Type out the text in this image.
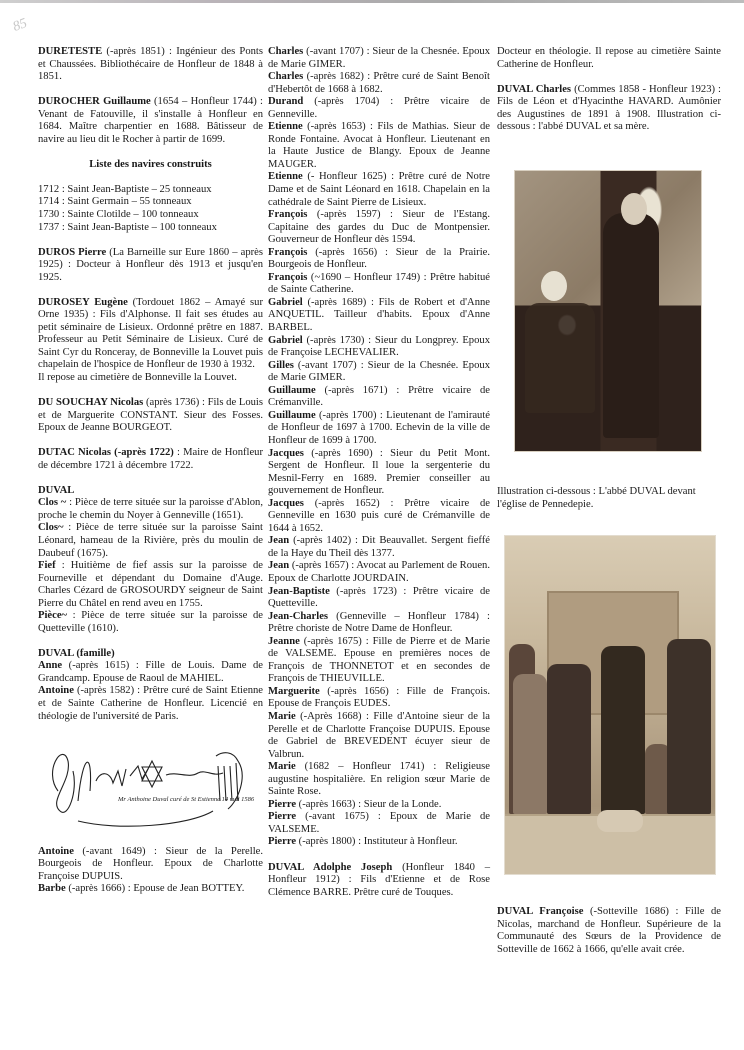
85

DURETESTE (-après 1851) : Ingénieur des Ponts et Chaussées. Bibliothécaire de Honfleur de 1848 à 1851.

DUROCHER Guillaume (1654 – Honfleur 1744) : Venant de Fatouville, il s'installe à Honfleur en 1684. Maître charpentier en 1688. Bâtisseur de navire au lieu dit le Rocher à partir de 1699.

Liste des navires construits

1712 : Saint Jean-Baptiste – 25 tonneaux
1714 : Saint Germain – 55 tonneaux
1730 : Sainte Clotilde – 100 tonneaux
1737 : Saint Jean-Baptiste – 100 tonneaux

DUROS Pierre (La Barneille sur Eure 1860 – après 1925) : Docteur à Honfleur dès 1913 et jusqu'en 1925.

DUROSEY Eugène (Tordouet 1862 – Amayé sur Orne 1935) : Fils d'Alphonse. Il fait ses études au petit séminaire de Lisieux. Ordonné prêtre en 1887. Professeur au Petit Séminaire de Lisieux. Curé de Saint Cyr du Ronceray, de Bonneville la Louvet puis chapelain de l'hospice de Honfleur de 1930 à 1932.

Il repose au cimetière de Bonneville la Louvet.

DU SOUCHAY Nicolas (après 1736) : Fils de Louis et de Marguerite CONSTANT. Sieur des Fosses. Epoux de Jeanne BOURGEOT.

DUTAC Nicolas (-après 1722) : Maire de Honfleur de décembre 1721 à décembre 1722.

DUVAL

Clos ~ : Pièce de terre située sur la paroisse d'Ablon, proche le chemin du Noyer à Genneville (1651).

Clos~ : Pièce de terre située sur la paroisse Saint Léonard, hameau de la Rivière, près du moulin de Daubeuf (1675).

Fief : Huitième de fief assis sur la paroisse de Fourneville et dépendant du Domaine d'Auge. Charles Cézard de GROSOURDY seigneur de Saint Pierre du Châtel en rend aveu en 1755.

Pièce~ : Pièce de terre située sur la paroisse de Quetteville (1610).

DUVAL (famille)

Anne (-après 1615) : Fille de Louis. Dame de Grandcamp. Epouse de Raoul de MAHIEL.

Antoine (-après 1582) : Prêtre curé de Saint Etienne et de Sainte Catherine de Honfleur. Licencié en théologie de l'université de Paris.

Mr Anthoine Duval curé de St Estienne 14 mai 1586

Antoine (-avant 1649) : Sieur de la Perelle. Bourgeois de Honfleur. Epoux de Charlotte Françoise DUPUIS.

Barbe (-après 1666) : Epouse de Jean BOTTEY.

Charles (-avant 1707) : Sieur de la Chesnée. Epoux de Marie GIMER.

Charles (-après 1682) : Prêtre curé de Saint Benoît d'Hebertôt de 1668 à 1682.

Durand (-après 1704) : Prêtre vicaire de Genneville.

Etienne (-après 1653) : Fils de Mathias. Sieur de Ronde Fontaine. Avocat à Honfleur. Lieutenant en la Haute Justice de Blangy. Epoux de Jeanne MAUGER.

Etienne (- Honfleur 1625) : Prêtre curé de Notre Dame et de Saint Léonard en 1618. Chapelain en la cathédrale de Saint Pierre de Lisieux.

François (-après 1597) : Sieur de l'Estang. Capitaine des gardes du Duc de Montpensier. Gouverneur de Honfleur dès 1594.

François (-après 1656) : Sieur de la Prairie. Bourgeois de Honfleur.

François (~1690 – Honfleur 1749) : Prêtre habitué de Sainte Catherine.

Gabriel (-après 1689) : Fils de Robert et d'Anne ANQUETIL. Tailleur d'habits. Epoux d'Anne BARBEL.

Gabriel (-après 1730) : Sieur du Longprey. Epoux de Françoise LECHEVALIER.

Gilles (-avant 1707) : Sieur de la Chesnée. Epoux de Marie GIMER.

Guillaume (-après 1671) : Prêtre vicaire de Crémanville.

Guillaume (-après 1700) : Lieutenant de l'amirauté de Honfleur de 1697 à 1700. Echevin de la ville de Honfleur de 1699 à 1700.

Jacques (-après 1690) : Sieur du Petit Mont. Sergent de Honfleur. Il loue la sergenterie du Mesnil-Ferry en 1689. Premier conseiller au gouvernement de Honfleur.

Jacques (-après 1652) : Prêtre vicaire de Genneville en 1630 puis curé de Crémanville de 1644 à 1652.

Jean (-après 1402) : Dit Beauvallet. Sergent fieffé de la Haye du Theil dès 1377.

Jean (-après 1657) : Avocat au Parlement de Rouen. Epoux de Charlotte JOURDAIN.

Jean-Baptiste (-après 1723) : Prêtre vicaire de Quetteville.

Jean-Charles (Genneville – Honfleur 1784) : Prêtre choriste de Notre Dame de Honfleur.

Jeanne (-après 1675) : Fille de Pierre et de Marie de VALSEME. Epouse en premières noces de François de THONNETOT et en secondes de François de THIEUVILLE.

Marguerite (-après 1656) : Fille de François. Epouse de François EUDES.

Marie (-Après 1668) : Fille d'Antoine sieur de la Perelle et de Charlotte Françoise DUPUIS. Epouse de Gabriel de BREVEDENT écuyer sieur de Valbrun.

Marie (1682 – Honfleur 1741) : Religieuse augustine hospitalière. En religion sœur Marie de Sainte Rose.

Pierre (-après 1663) : Sieur de la Londe.

Pierre (-avant 1675) : Epoux de Marie de VALSEME.

Pierre (-après 1800) : Instituteur à Honfleur.

DUVAL Adolphe Joseph (Honfleur 1840 – Honfleur 1912) : Fils d'Etienne et de Rose Clémence BARRE. Prêtre curé de Touques.

Docteur en théologie. Il repose au cimetière Sainte Catherine de Honfleur.

DUVAL Charles (Commes 1858 - Honfleur 1923) : Fils de Léon et d'Hyacinthe HAVARD. Aumônier des Augustines de 1891 à 1908. Illustration ci-dessous : l'abbé DUVAL et sa mère.

Illustration ci-dessous : L'abbé DUVAL devant l'église de Pennedepie.

DUVAL Françoise (-Sotteville 1686) : Fille de Nicolas, marchand de Honfleur. Supérieure de la Communauté des Sœurs de la Providence de Sotteville de 1662 à 1666, qu'elle avait crée.
